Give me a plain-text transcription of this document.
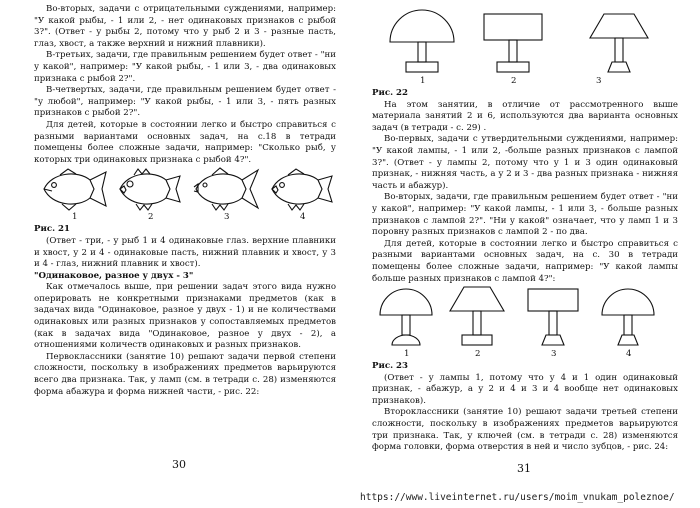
Во-вторых, задачи с отрицательными суждениями, например: "У какой рыбы, - 1 или 2, - нет одинаковых признаков с рыбой 3?". (Ответ - у рыбы 2, потому что у рыб 2 и 3 - разные пасть, глаз, хвост, а также верхний и нижний плавники).

В-третьих, задачи, где правильным решением будет ответ - "ни у какой", например: "У какой рыбы, - 1 или 3, - два одинаковых признака с рыбой 2?".

В-четвертых, задачи, где правильным решением будет ответ - "у любой", например: "У какой рыбы, - 1 или 3, - пять разных признаков с рыбой 2?".

Для детей, которые в состоянии легко и быстро справиться с разными вариантами основных задач, на с.18 в тетради помещены более сложные задачи, например: "Сколько рыб, у которых три одинаковых признака с рыбой 4?".

1	2	3	4

Рис. 21

(Ответ - три, - у рыб 1 и 4 одинаковые глаз. верхние плавники и хвост, у 2 и 4 - одинаковые пасть, нижний плавник и хвост, у 3 и 4 - глаз, нижний плавник и хвост).

"Одинаковое, разное у двух - 3"

Как отмечалось выше, при решении задач этого вида нужно оперировать не конкретными признаками предметов (как в задачах вида "Одинаковое, разное у двух - 1) и не количествами одинаковых или разных признаков у сопоставляемых предметов (как в задачах вида "Одинаковое, разное у двух - 2), а отношениями количеств одинаковых и разных признаков.

Первоклассники (занятие 10) решают задачи первой степени сложности, поскольку в изображениях предметов варьируются всего два признака. Так, у ламп (см. в тетради с. 28) изменяются форма абажура и форма нижней части, - рис. 22:

30
1	2	3

Рис. 22

На этом занятии, в отличие от рассмотренного выше материала занятий 2 и 6, используются два варианта основных задач (в тетради - с. 29) .

Во-первых, задачи с утвердительными суждениями, например: "У какой лампы, - 1 или 2, -больше разных признаков с лампой 3?". (Ответ - у лампы 2, потому что у 1 и 3 один одинаковый признак, - нижняя часть, а у 2 и 3 - два разных признака - нижняя часть и абажур).

Во-вторых, задачи, где правильным решением будет ответ - "ни у какой", например: "У какой лампы, - 1 или 3, - больше разных признаков с лампой 2?". "Ни у какой" означает, что у ламп 1 и 3 поровну разных признаков с лампой 2 - по два.

Для детей, которые в состоянии легко и быстро справиться с разными вариантами основных задач, на с. 30 в тетради помещены более сложные задачи, например: "У какой лампы больше разных признаков с лампой 4?":

1	2	3	4

Рис. 23

(Ответ - у лампы 1, потому что у 4 и 1 один одинаковый признак, - абажур, а у 2 и 4 и 3 и 4 вообще нет одинаковых признаков).

Второклассники (занятие 10) решают задачи третьей степени сложности, поскольку в изображениях предметов варьируются три признака. Так, у ключей (см. в тетради с. 28) изменяются форма головки, форма отверстия в ней и число зубцов, - рис. 24:

31
https://www.liveinternet.ru/users/moim_vnukam_poleznoe/
